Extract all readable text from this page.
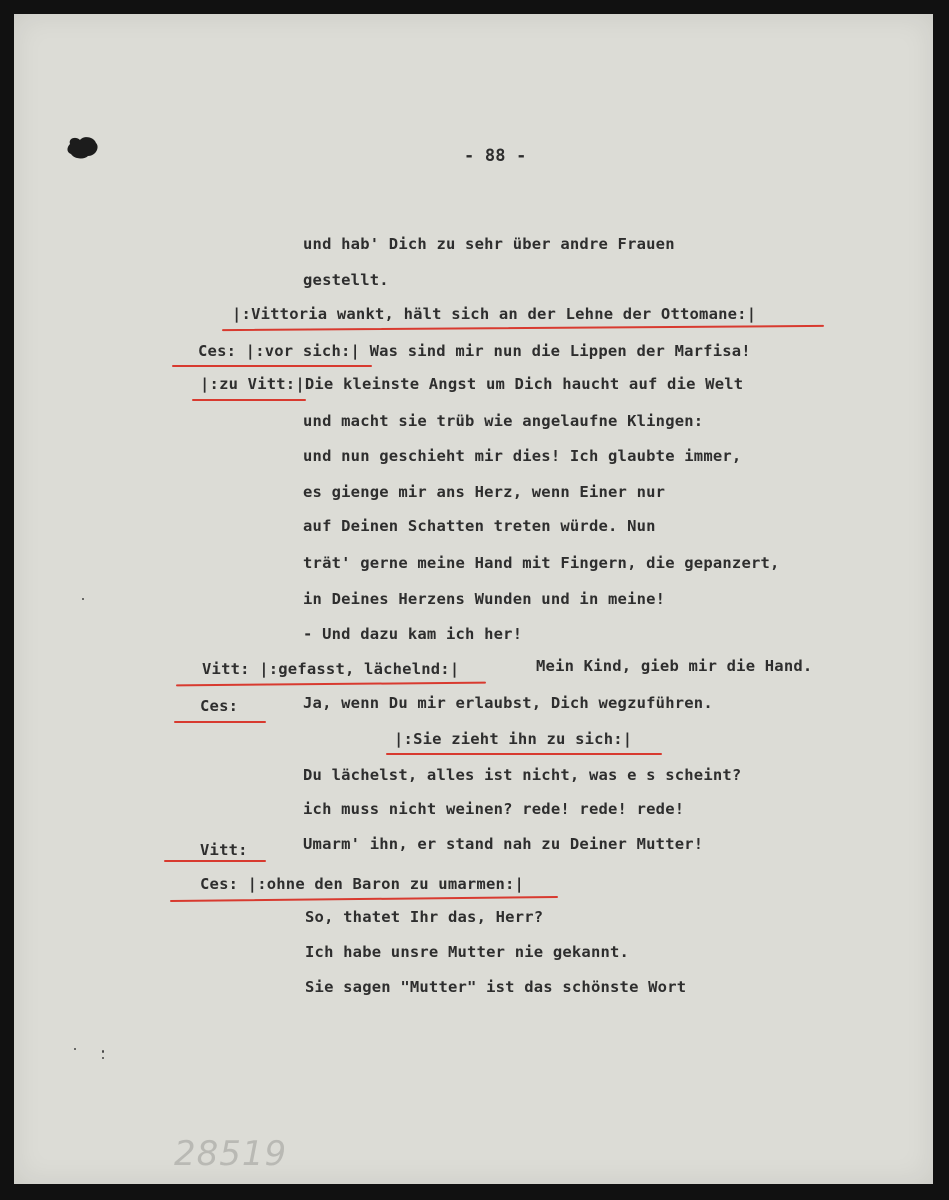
- 88 -
und hab' Dich zu sehr über andre Frauen
gestellt.
|:Vittoria wankt, hält sich an der Lehne der Ottomane:|
Ces: |:vor sich:| Was sind mir nun die Lippen der Marfisa!
|:zu Vitt:|Die kleinste Angst um Dich haucht auf die Welt
und macht sie trüb wie angelaufne Klingen:
und nun geschieht mir dies! Ich glaubte immer,
es gienge mir ans Herz, wenn Einer nur
auf Deinen Schatten treten würde. Nun
trät' gerne meine Hand mit Fingern, die gepanzert,
in Deines Herzens Wunden und in meine!
- Und dazu kam ich her!
Vitt: |:gefasst, lächelnd:|	Mein Kind, gieb mir die Hand.
Ces:	Ja, wenn Du mir erlaubst, Dich wegzuführen.
|:Sie zieht ihn zu sich:|
Du lächelst, alles ist nicht, was e s scheint?
ich muss nicht weinen? rede! rede! rede!
Vitt:	Umarm' ihn, er stand nah zu Deiner Mutter!
Ces: |:ohne den Baron zu umarmen:|
So, thatet Ihr das, Herr?
Ich habe unsre Mutter nie gekannt.
Sie sagen "Mutter" ist das schönste Wort
28519
